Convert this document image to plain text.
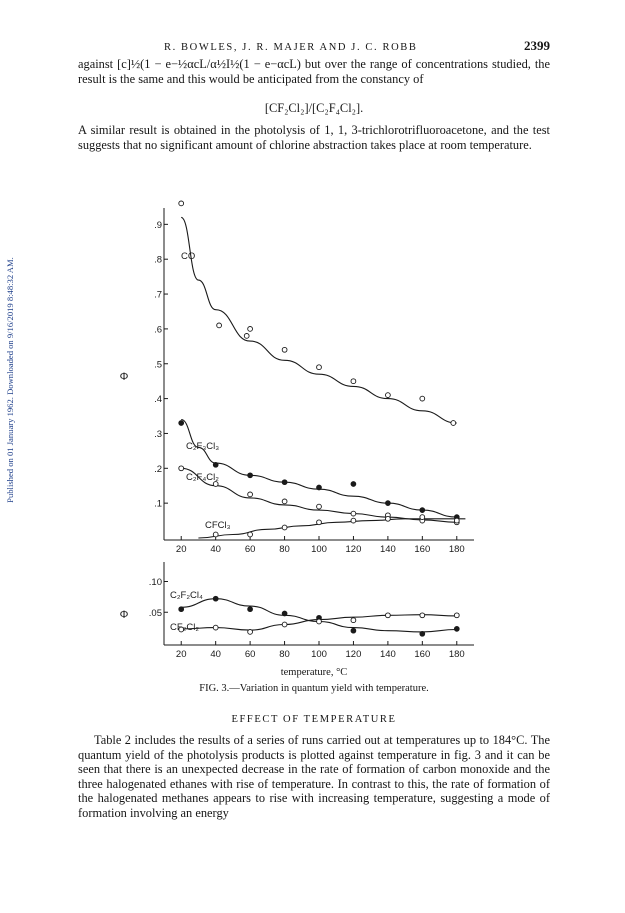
Published on 01 January 1962. Downloaded on 9/16/2019 8:48:32 AM.
R. BOWLES, J. R. MAJER AND J. C. ROBB	2399

against [c]½(1 − e−½αcL/α½I½(1 − e−αcL) but over the range of concentrations studied, the result is the same and this would be anticipated from the constancy of

[CF₂Cl₂]/[C₂F₄Cl₂].

A similar result is obtained in the photolysis of 1, 1, 3-trichlorotrifluoroacetone, and the test suggests that no significant amount of chlorine abstraction takes place at room temperature.

20	40	60	80 100 120 140 160 180
.1
.2
.3
.4
.5
.6
.7
.8
.9
Φ
CO
C₂F₃Cl₃
C₂F₄Cl₂
CFCl₃
20	40	60	80 100 120 140 160 180
.05
.10
Φ
C₂F₂Cl₄
CF₂Cl₂
temperature, °C
FIG. 3.—Variation in quantum yield with temperature.
EFFECT OF TEMPERATURE

Table 2 includes the results of a series of runs carried out at temperatures up to 184°C. The quantum yield of the photolysis products is plotted against temperature in fig. 3 and it can be seen that there is an unexpected decrease in the rate of formation of carbon monoxide and the three halogenated ethanes with rise of temperature. In contrast to this, the rate of formation of the halogenated methanes appears to rise with increasing temperature, suggesting a mode of formation involving an energy
